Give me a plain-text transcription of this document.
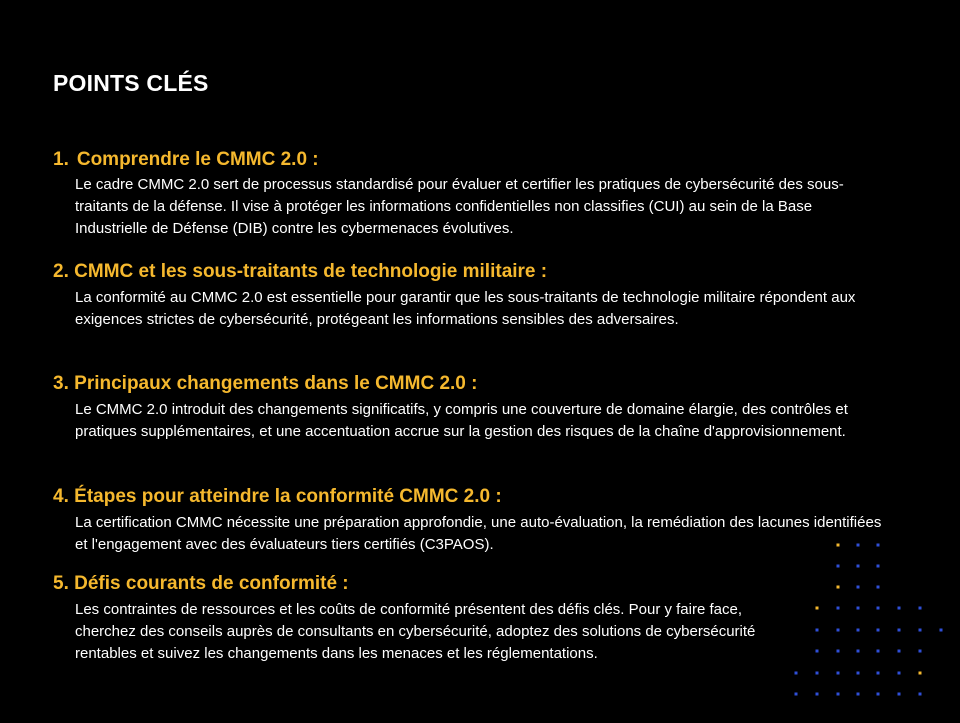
POINTS CLÉS
1. Comprendre le CMMC 2.0 :
Le cadre CMMC 2.0 sert de processus standardisé pour évaluer et certifier les pratiques de cybersécurité des sous-traitants de la défense. Il vise à protéger les informations confidentielles non classifies (CUI) au sein de la Base Industrielle de Défense (DIB) contre les cybermenaces évolutives.
2. CMMC et les sous-traitants de technologie militaire :
La conformité au CMMC 2.0 est essentielle pour garantir que les sous-traitants de technologie militaire répondent aux exigences strictes de cybersécurité, protégeant les informations sensibles des adversaires.
3. Principaux changements dans le CMMC 2.0 :
Le CMMC 2.0 introduit des changements significatifs, y compris une couverture de domaine élargie, des contrôles et pratiques supplémentaires, et une accentuation accrue sur la gestion des risques de la chaîne d'approvisionnement.
4. Étapes pour atteindre la conformité CMMC 2.0 :
La certification CMMC nécessite une préparation approfondie, une auto-évaluation, la remédiation des lacunes identifiées et l'engagement avec des évaluateurs tiers certifiés (C3PAOS).
5. Défis courants de conformité :
Les contraintes de ressources et les coûts de conformité présentent des défis clés. Pour y faire face, cherchez des conseils auprès de consultants en cybersécurité, adoptez des solutions de cybersécurité rentables et suivez les changements dans les menaces et les réglementations.
